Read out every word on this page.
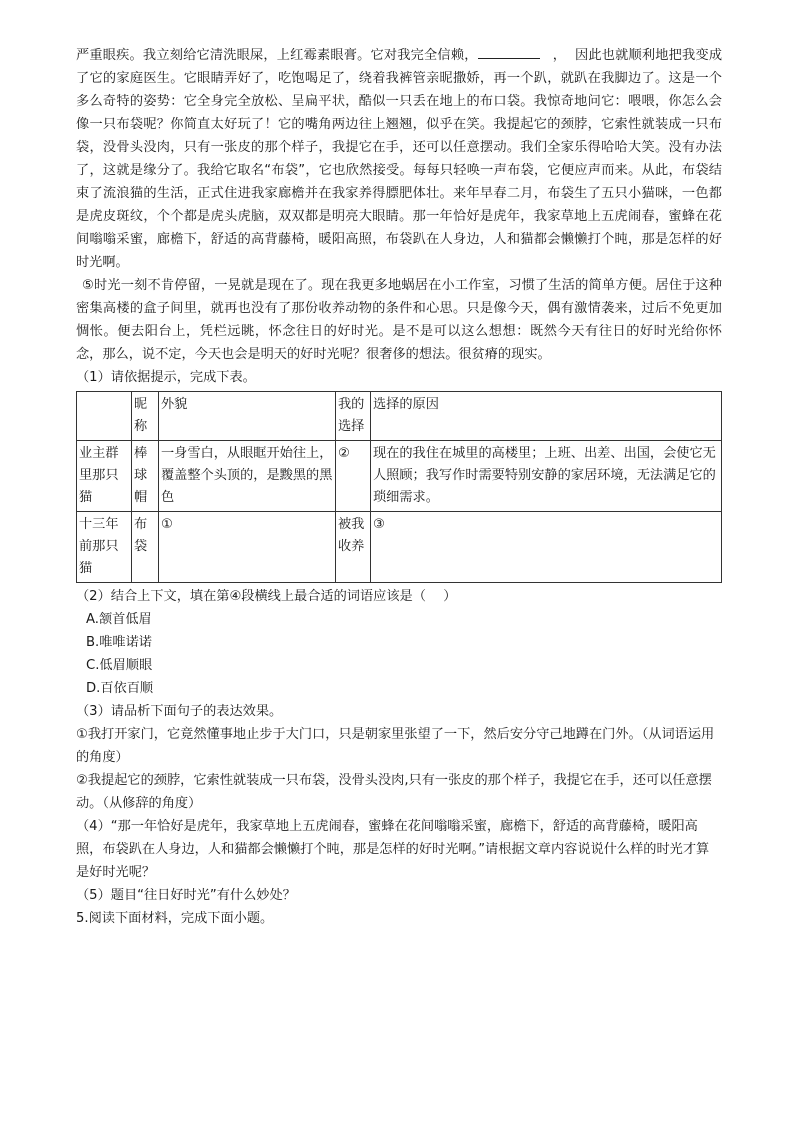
严重眼疾。我立刻给它清洗眼屎，上红霉素眼膏。它对我完全信赖，	， 因此也就顺利地把我变成了它的家庭医生。它眼睛弄好了，吃饱喝足了，绕着我裤管亲昵撒娇，再一个趴，就趴在我脚边了。这是一个多么奇特的姿势：它全身完全放松、呈扁平状，酷似一只丢在地上的布口袋。我惊奇地问它：喂喂，你怎么会像一只布袋呢？你简直太好玩了！它的嘴角两边往上翘翘，似乎在笑。我提起它的颈脖，它索性就装成一只布袋，没骨头没肉，只有一张皮的那个样子，我提它在手，还可以任意摆动。我们全家乐得哈哈大笑。没有办法了，这就是缘分了。我给它取名“布袋”，它也欣然接受。每每只轻唤一声布袋，它便应声而来。从此，布袋结束了流浪猫的生活，正式住进我家廊檐并在我家养得膘肥体壮。来年早春二月，布袋生了五只小猫咪，一色都是虎皮斑纹，个个都是虎头虎脑，双双都是明亮大眼睛。那一年恰好是虎年，我家草地上五虎闹春，蜜蜂在花间嗡嗡采蜜，廊檐下，舒适的高背藤椅，暖阳高照，布袋趴在人身边，人和猫都会懒懒打个盹，那是怎样的好时光啊。

⑤时光一刻不肯停留，一晃就是现在了。现在我更多地蜗居在小工作室，习惯了生活的简单方便。居住于这种密集高楼的盒子间里，就再也没有了那份收养动物的条件和心思。只是像今天，偶有激情袭来，过后不免更加惆怅。便去阳台上，凭栏远眺，怀念往日的好时光。是不是可以这么想想：既然今天有往日的好时光给你怀念，那么，说不定，今天也会是明天的好时光呢？很奢侈的想法。很贫瘠的现实。

（1）请依据提示，完成下表。

	昵称	外貌	我的选择	选择的原因
业主群里那只猫	棒球帽	一身雪白，从眼眶开始往上，覆盖整个头顶的，是黢黑的黑色	②	现在的我住在城里的高楼里；上班、出差、出国，会使它无人照顾；我写作时需要特别安静的家居环境，无法满足它的琐细需求。
十三年前那只猫	布袋	①	被我收养	③

（2）结合上下文，填在第④段横线上最合适的词语应该是（　 ）

A.颔首低眉

B.唯唯诺诺

C.低眉顺眼

D.百依百顺

（3）请品析下面句子的表达效果。

①我打开家门，它竟然懂事地止步于大门口，只是朝家里张望了一下，然后安分守己地蹲在门外。（从词语运用的角度）

②我提起它的颈脖，它索性就装成一只布袋，没骨头没肉,只有一张皮的那个样子，我提它在手，还可以任意摆动。（从修辞的角度）

（4）“那一年恰好是虎年，我家草地上五虎闹春，蜜蜂在花间嗡嗡采蜜，廊檐下，舒适的高背藤椅，暖阳高照，布袋趴在人身边，人和猫都会懒懒打个盹，那是怎样的好时光啊。”请根据文章内容说说什么样的时光才算是好时光呢？

（5）题目“往日好时光”有什么妙处？

5.阅读下面材料，完成下面小题。
